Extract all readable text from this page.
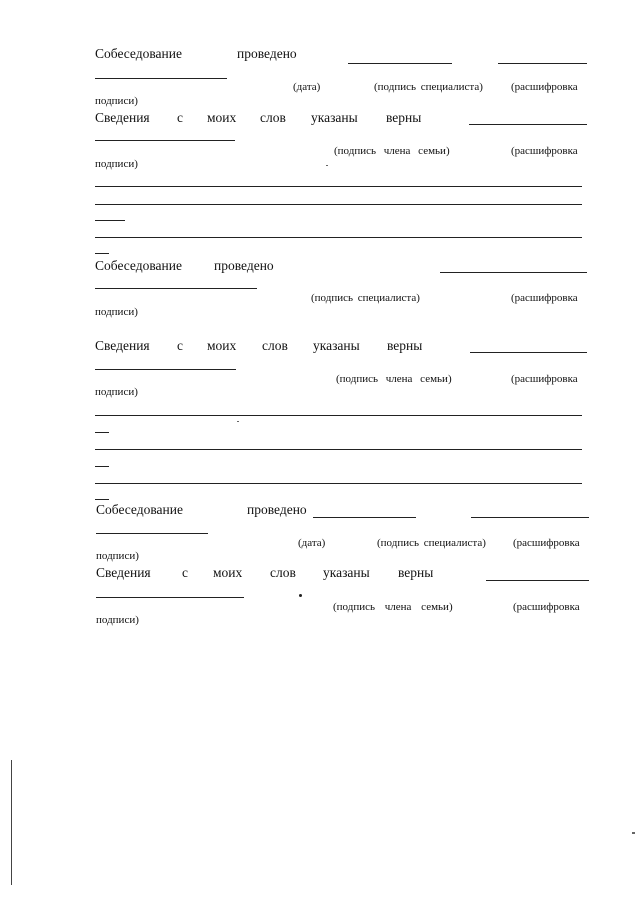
Собеседование	проведено
(дата)	(подпись специалиста)	(расшифровка
подписи)
Сведения с моих слов указаны верны
(подпись члена семьи)	(расшифровка
подписи)
Собеседование проведено
(подпись специалиста)	(расшифровка
подписи)
Сведения с моих слов указаны верны
(подпись члена семьи)	(расшифровка
подписи)
Собеседование	проведено
(дата)	(подпись специалиста) (расшифровка
подписи)
Сведения с моих слов указаны верны
(подпись члена семьи)	(расшифровка
подписи)
